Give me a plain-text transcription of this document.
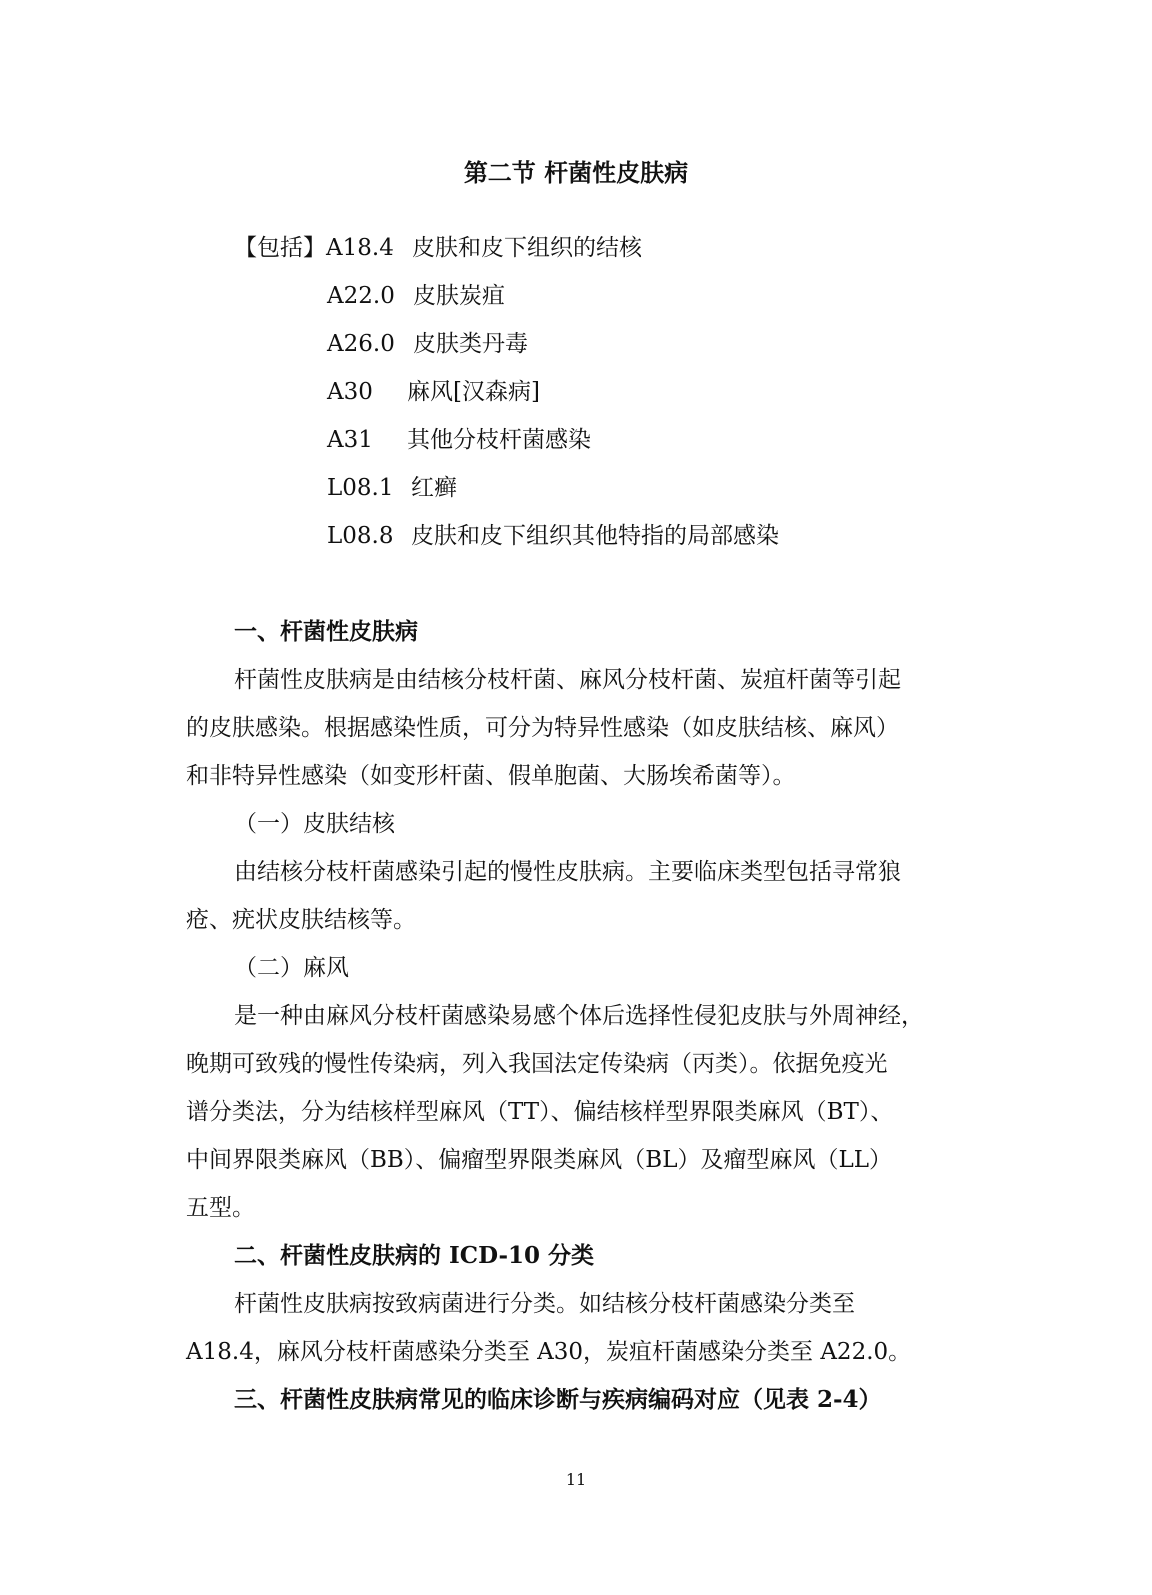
第二节 杆菌性皮肤病
【包括】A18.4 皮肤和皮下组织的结核
A22.0 皮肤炭疽
A26.0 皮肤类丹毒
A30 麻风[汉森病]
A31 其他分枝杆菌感染
L08.1 红癣
L08.8 皮肤和皮下组织其他特指的局部感染
一、杆菌性皮肤病
杆菌性皮肤病是由结核分枝杆菌、麻风分枝杆菌、炭疽杆菌等引起
的皮肤感染。根据感染性质，可分为特异性感染（如皮肤结核、麻风）
和非特异性感染（如变形杆菌、假单胞菌、大肠埃希菌等）。
（一）皮肤结核
由结核分枝杆菌感染引起的慢性皮肤病。主要临床类型包括寻常狼
疮、疣状皮肤结核等。
（二）麻风
是一种由麻风分枝杆菌感染易感个体后选择性侵犯皮肤与外周神经，
晚期可致残的慢性传染病，列入我国法定传染病（丙类）。依据免疫光
谱分类法，分为结核样型麻风（TT）、偏结核样型界限类麻风（BT）、
中间界限类麻风（BB）、偏瘤型界限类麻风（BL）及瘤型麻风（LL）
五型。
二、杆菌性皮肤病的 ICD-10 分类
杆菌性皮肤病按致病菌进行分类。如结核分枝杆菌感染分类至
A18.4，麻风分枝杆菌感染分类至 A30，炭疽杆菌感染分类至 A22.0。
三、杆菌性皮肤病常见的临床诊断与疾病编码对应（见表 2-4）
11
